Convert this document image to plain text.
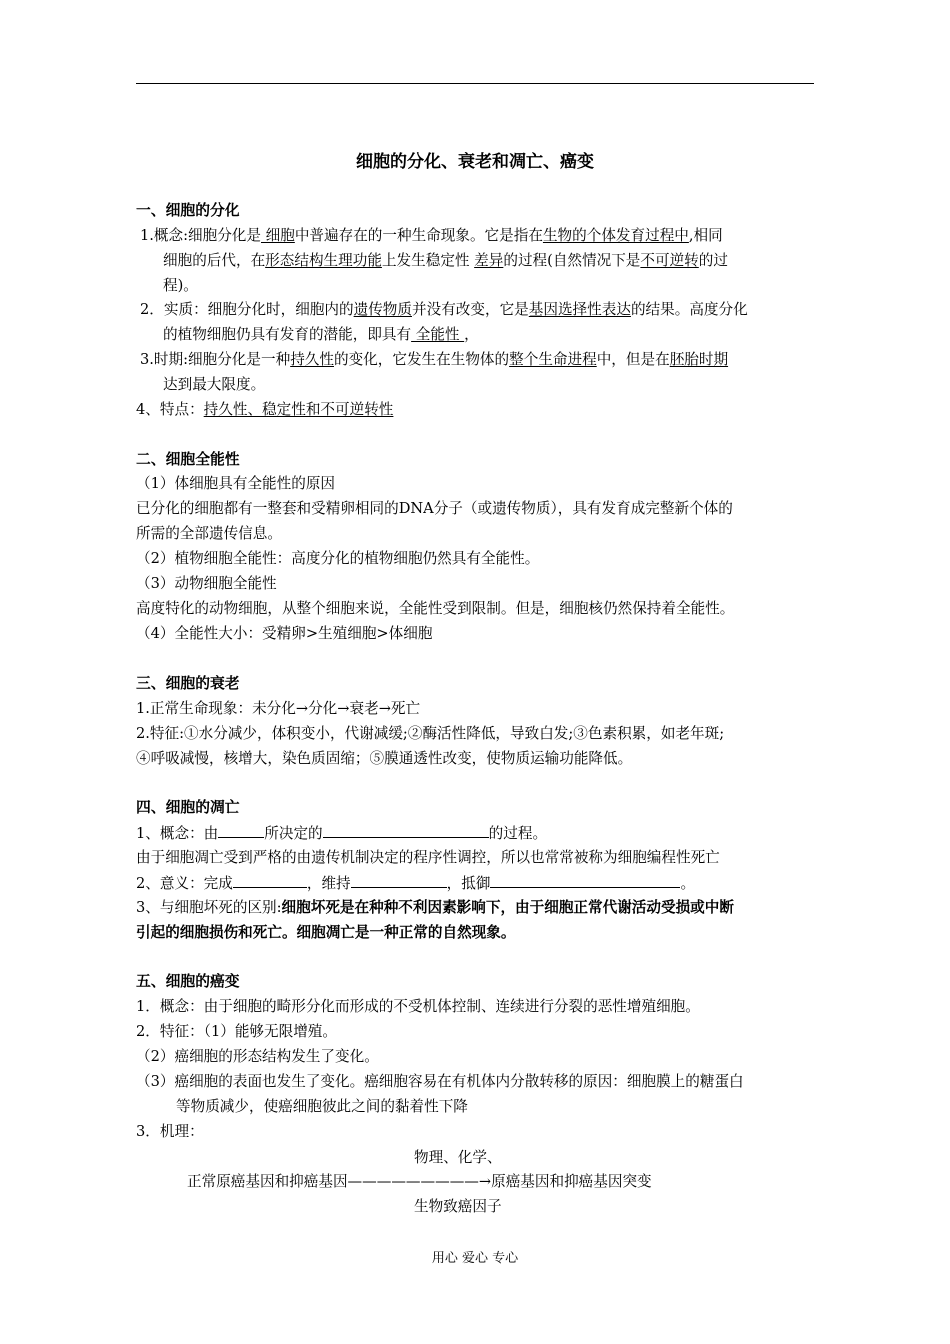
细胞的分化、衰老和凋亡、癌变
一、细胞的分化
1.概念:细胞分化是 细胞中普遍存在的一种生命现象。它是指在生物的个体发育过程中,相同
细胞的后代，在形态结构生理功能上发生稳定性 差异的过程(自然情况下是不可逆转的过
程)。
2．实质：细胞分化时，细胞内的遗传物质并没有改变，它是基因选择性表达的结果。高度分化
的植物细胞仍具有发育的潜能，即具有 全能性 ，
3.时期:细胞分化是一种持久性的变化，它发生在生物体的整个生命进程中，但是在胚胎时期
达到最大限度。
4、特点：持久性、稳定性和不可逆转性
二、细胞全能性
（1）体细胞具有全能性的原因
已分化的细胞都有一整套和受精卵相同的DNA分子（或遗传物质），具有发育成完整新个体的
所需的全部遗传信息。
（2）植物细胞全能性：高度分化的植物细胞仍然具有全能性。
（3）动物细胞全能性
高度特化的动物细胞，从整个细胞来说，全能性受到限制。但是，细胞核仍然保持着全能性。
（4）全能性大小：受精卵>生殖细胞>体细胞
三、细胞的衰老
1.正常生命现象：未分化→分化→衰老→死亡
2.特征:①水分减少，体积变小，代谢减缓;②酶活性降低，导致白发;③色素积累，如老年斑;
④呼吸减慢，核增大，染色质固缩；⑤膜通透性改变，使物质运输功能降低。
四、细胞的凋亡
1、概念：由	所决定的	的过程。
由于细胞凋亡受到严格的由遗传机制决定的程序性调控，所以也常常被称为细胞编程性死亡
2、意义：完成	，维持	，抵御	。
3、与细胞坏死的区别:细胞坏死是在种种不利因素影响下，由于细胞正常代谢活动受损或中断
引起的细胞损伤和死亡。细胞凋亡是一种正常的自然现象。
五、细胞的癌变
1．概念：由于细胞的畸形分化而形成的不受机体控制、连续进行分裂的恶性增殖细胞。
2．特征：（1）能够无限增殖。
（2）癌细胞的形态结构发生了变化。
（3）癌细胞的表面也发生了变化。癌细胞容易在有机体内分散转移的原因：细胞膜上的糖蛋白
等物质减少，使癌细胞彼此之间的黏着性下降
3．机理：
物理、化学、
正常原癌基因和抑癌基因—————————→原癌基因和抑癌基因突变
生物致癌因子
用心 爱心 专心
